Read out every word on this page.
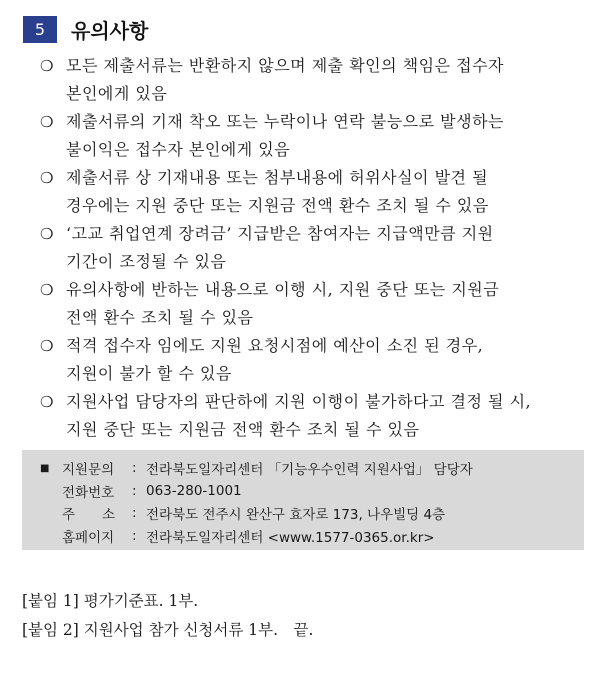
5	유의사항
❍ 모든 제출서류는 반환하지 않으며 제출 확인의 책임은 접수자
본인에게 있음
❍ 제출서류의 기재 착오 또는 누락이나 연락 불능으로 발생하는
불이익은 접수자 본인에게 있음
❍ 제출서류 상 기재내용 또는 첨부내용에 허위사실이 발견 될
경우에는 지원 중단 또는 지원금 전액 환수 조치 될 수 있음
❍ ‘고교 취업연계 장려금’ 지급받은 참여자는 지급액만큼 지원
기간이 조정될 수 있음
❍ 유의사항에 반하는 내용으로 이행 시, 지원 중단 또는 지원금
전액 환수 조치 될 수 있음
❍ 적격 접수자 임에도 지원 요청시점에 예산이 소진 된 경우,
지원이 불가 할 수 있음
❍ 지원사업 담당자의 판단하에 지원 이행이 불가하다고 결정 될 시,
지원 중단 또는 지원금 전액 환수 조치 될 수 있음
■ 지원문의	: 전라북도일자리센터 「기능우수인력 지원사업」 담당자
전화번호	: 063-280-1001
주　　소	: 전라북도 전주시 완산구 효자로 173, 나우빌딩 4층
홈페이지	: 전라북도일자리센터 <www.1577-0365.or.kr>
[붙임 1] 평가기준표. 1부.
[붙임 2] 지원사업 참가 신청서류 1부.　끝.
